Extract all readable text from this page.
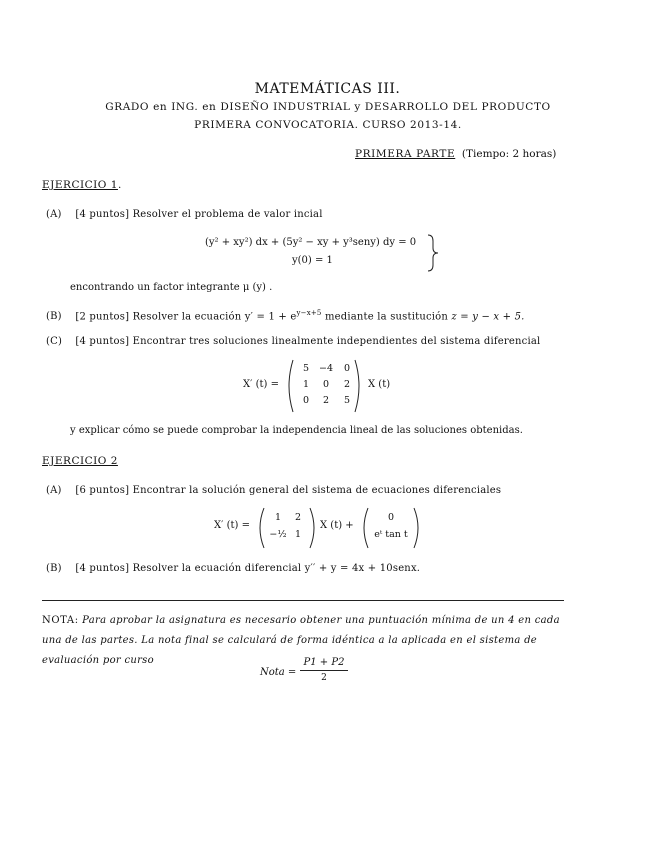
MATEMÁTICAS III.
GRADO en ING. en DISEÑO INDUSTRIAL y DESARROLLO DEL PRODUCTO
PRIMERA CONVOCATORIA. CURSO 2013-14.
PRIMERA PARTE (Tiempo: 2 horas)
EJERCICIO 1.
(A) [4 puntos] Resolver el problema de valor incial
(y² + xy²) dx + (5y² − xy + y³seny) dy = 0
y(0) = 1
encontrando un factor integrante μ (y) .
(B) [2 puntos] Resolver la ecuación $y' = 1 + e^{y-x+5}$ mediante la sustitución z = y − x + 5.
(C) [4 puntos] Encontrar tres soluciones linealmente independientes del sistema diferencial
X′ (t) =
5	−4	0
1	0	2
0	2	5
X (t)
y explicar cómo se puede comprobar la independencia lineal de las soluciones obtenidas.
EJERCICIO 2
(A) [6 puntos] Encontrar la solución general del sistema de ecuaciones diferenciales
X′ (t) =
1	2
−½ 1
X (t) +
0
eᵗ tan t
(B) [4 puntos] Resolver la ecuación diferencial y′′ + y = 4x + 10senx.
NOTA: Para aprobar la asignatura es necesario obtener una puntuación mínima de un 4 en cada una de las partes. La nota final se calculará de forma idéntica a la aplicada en el sistema de evaluación por curso
Nota = $\frac{P1 + P2}{2}$
